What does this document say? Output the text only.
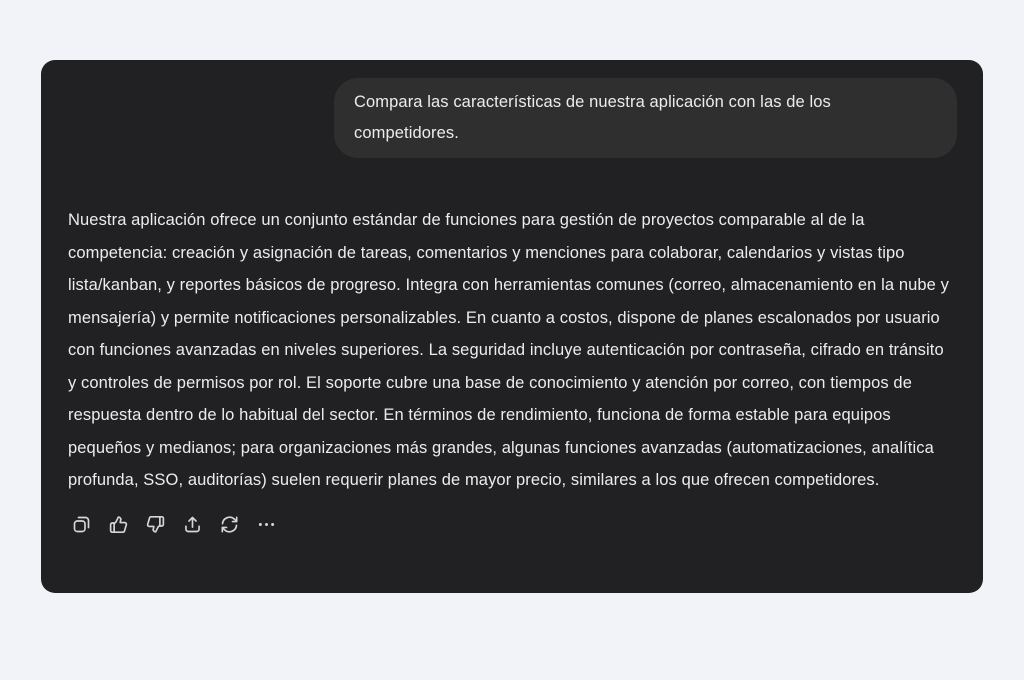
Compara las características de nuestra aplicación con las de los competidores.
Nuestra aplicación ofrece un conjunto estándar de funciones para gestión de proyectos comparable al de la competencia: creación y asignación de tareas, comentarios y menciones para colaborar, calendarios y vistas tipo lista/kanban, y reportes básicos de progreso. Integra con herramientas comunes (correo, almacenamiento en la nube y mensajería) y permite notificaciones personalizables. En cuanto a costos, dispone de planes escalonados por usuario con funciones avanzadas en niveles superiores. La seguridad incluye autenticación por contraseña, cifrado en tránsito y controles de permisos por rol. El soporte cubre una base de conocimiento y atención por correo, con tiempos de respuesta dentro de lo habitual del sector. En términos de rendimiento, funciona de forma estable para equipos pequeños y medianos; para organizaciones más grandes, algunas funciones avanzadas (automatizaciones, analítica profunda, SSO, auditorías) suelen requerir planes de mayor precio, similares a los que ofrecen competidores.
